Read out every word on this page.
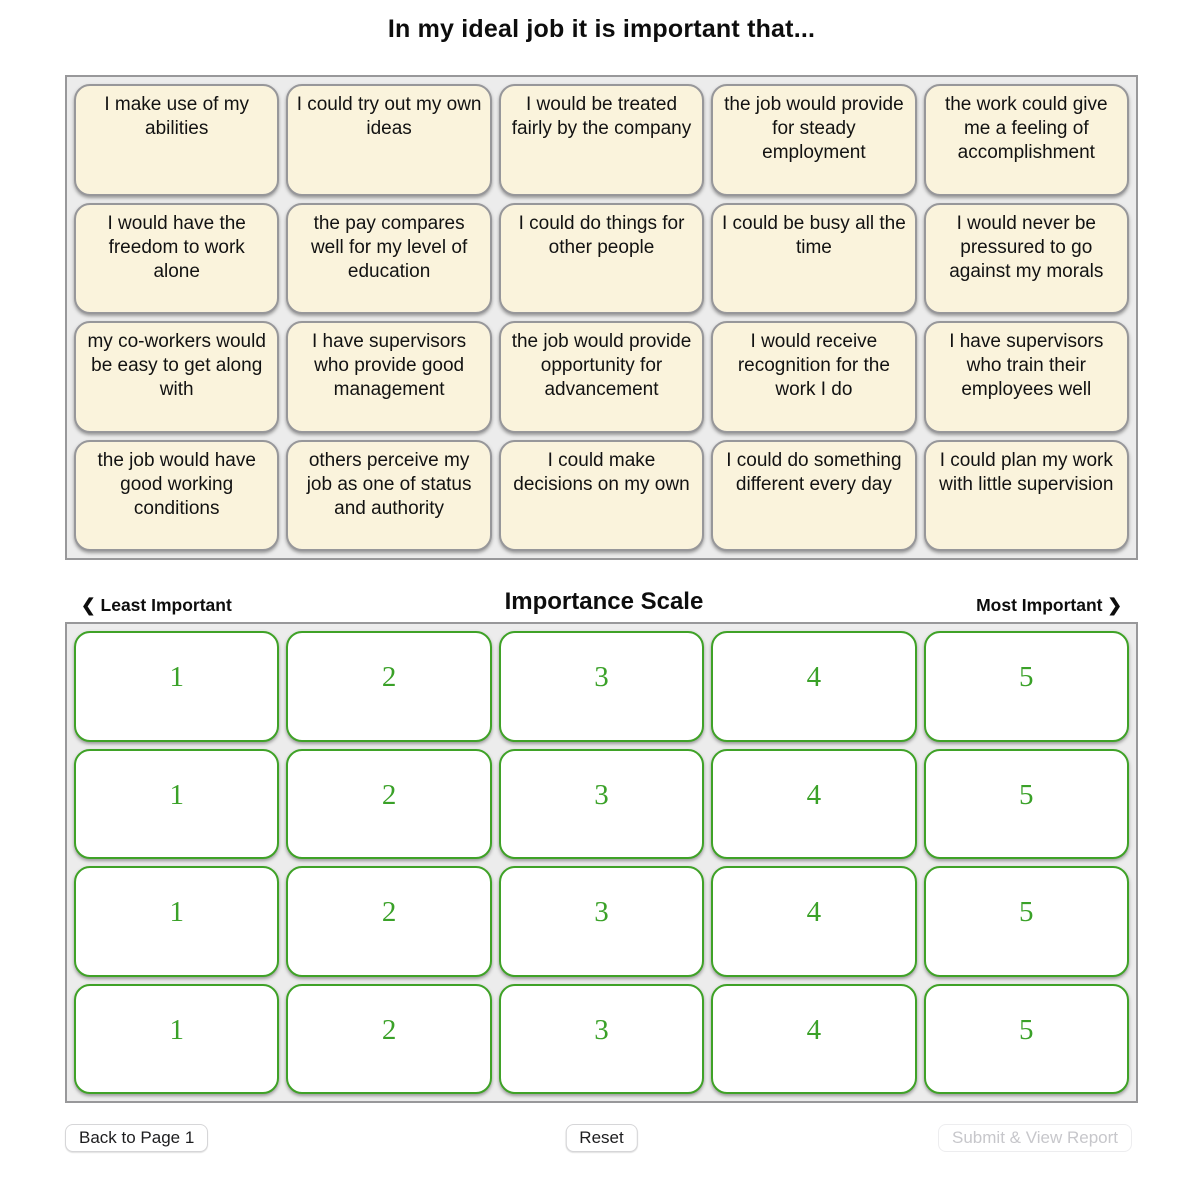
In my ideal job it is important that...
I make use of my abilities
I could try out my own ideas
I would be treated fairly by the company
the job would provide for steady employment
the work could give me a feeling of accomplishment
I would have the freedom to work alone
the pay compares well for my level of education
I could do things for other people
I could be busy all the time
I would never be pressured to go against my morals
my co-workers would be easy to get along with
I have supervisors who provide good management
the job would provide opportunity for advancement
I would receive recognition for the work I do
I have supervisors who train their employees well
the job would have good working conditions
others perceive my job as one of status and authority
I could make decisions on my own
I could do something different every day
I could plan my work with little supervision
❮ Least Important	Importance Scale	Most Important ❯
1	2	3	4	5
1	2	3	4	5
1	2	3	4	5
1	2	3	4	5
Back to Page 1	Reset	Submit & View Report
